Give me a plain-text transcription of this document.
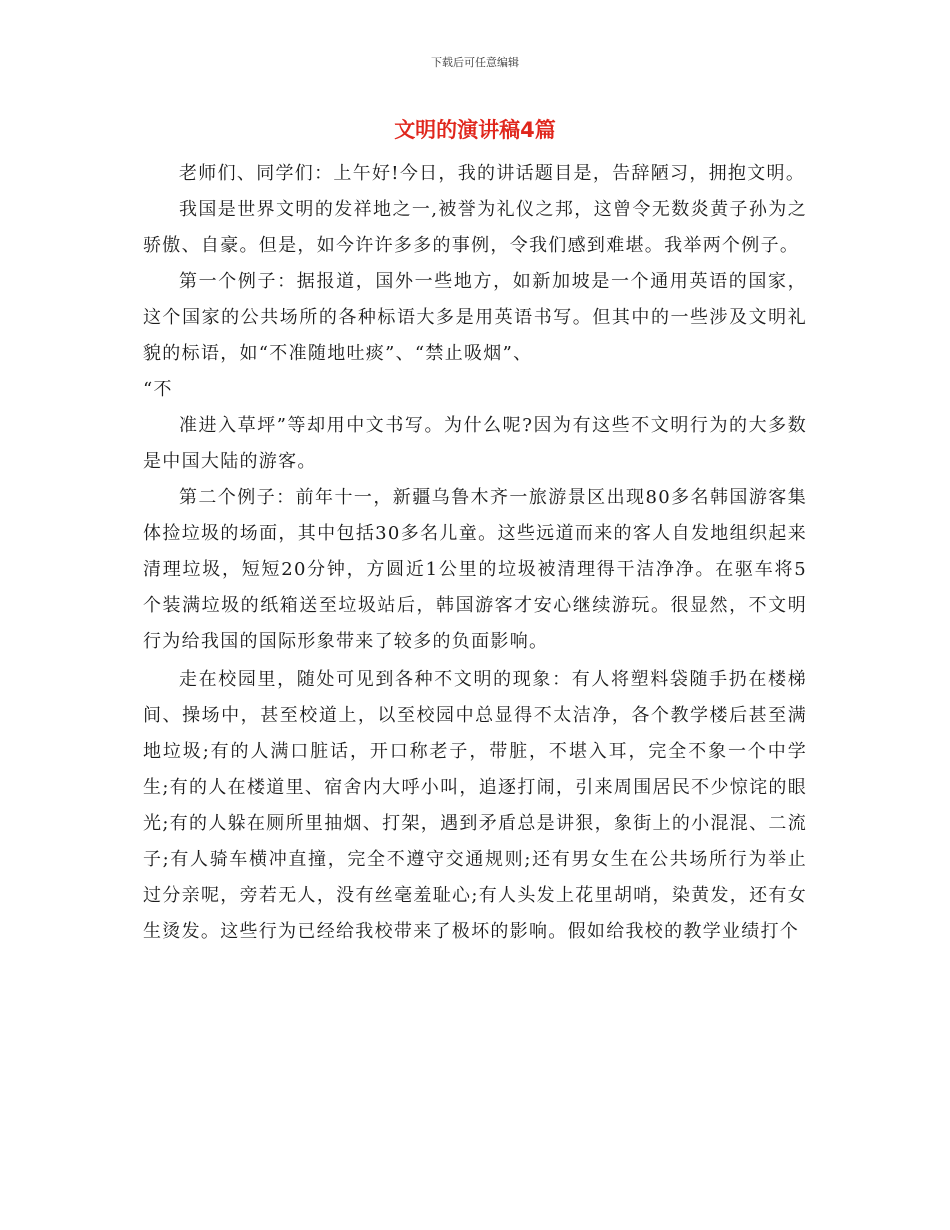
下载后可任意编辑
文明的演讲稿4篇

老师们、同学们：上午好!今日，我的讲话题目是，告辞陋习，拥抱文明。

我国是世界文明的发祥地之一,被誉为礼仪之邦，这曾令无数炎黄子孙为之骄傲、自豪。但是，如今许许多多的事例，令我们感到难堪。我举两个例子。

第一个例子：据报道，国外一些地方，如新加坡是一个通用英语的国家，这个国家的公共场所的各种标语大多是用英语书写。但其中的一些涉及文明礼貌的标语，如“不准随地吐痰”、“禁止吸烟”、

“不

准进入草坪”等却用中文书写。为什么呢?因为有这些不文明行为的大多数是中国大陆的游客。

第二个例子：前年十一，新疆乌鲁木齐一旅游景区出现80多名韩国游客集体捡垃圾的场面，其中包括30多名儿童。这些远道而来的客人自发地组织起来清理垃圾，短短20分钟，方圆近1公里的垃圾被清理得干洁净净。在驱车将5个装满垃圾的纸箱送至垃圾站后，韩国游客才安心继续游玩。很显然，不文明行为给我国的国际形象带来了较多的负面影响。

走在校园里，随处可见到各种不文明的现象：有人将塑料袋随手扔在楼梯间、操场中，甚至校道上，以至校园中总显得不太洁净，各个教学楼后甚至满地垃圾;有的人满口脏话，开口称老子，带脏，不堪入耳，完全不象一个中学生;有的人在楼道里、宿舍内大呼小叫，追逐打闹，引来周围居民不少惊诧的眼光;有的人躲在厕所里抽烟、打架，遇到矛盾总是讲狠，象街上的小混混、二流子;有人骑车横冲直撞，完全不遵守交通规则;还有男女生在公共场所行为举止过分亲呢，旁若无人，没有丝毫羞耻心;有人头发上花里胡哨，染黄发，还有女生烫发。这些行为已经给我校带来了极坏的影响。假如给我校的教学业绩打个
